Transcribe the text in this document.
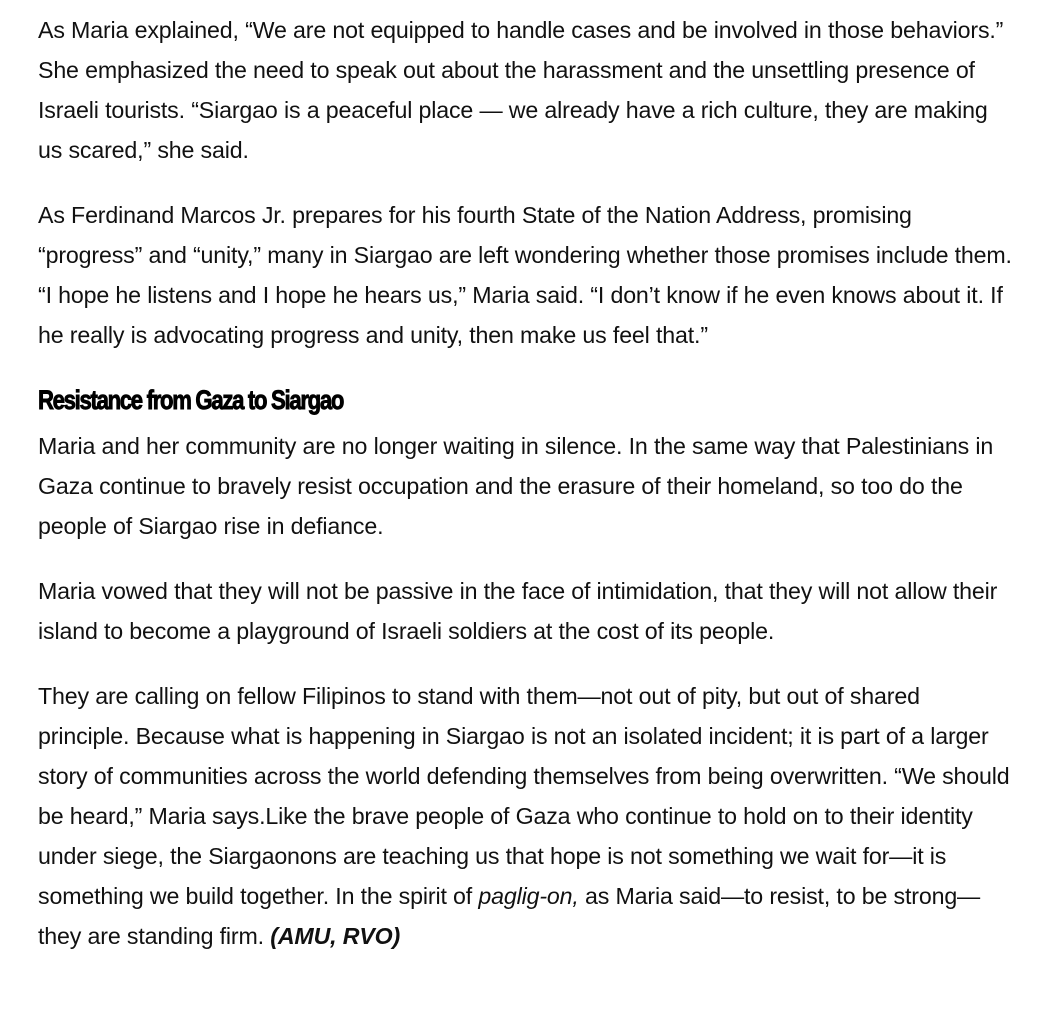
As Maria explained, “We are not equipped to handle cases and be involved in those behaviors.” She emphasized the need to speak out about the harassment and the unsettling presence of Israeli tourists. “Siargao is a peaceful place — we already have a rich culture, they are making us scared,” she said.

As Ferdinand Marcos Jr. prepares for his fourth State of the Nation Address, promising “progress” and “unity,” many in Siargao are left wondering whether those promises include them. “I hope he listens and I hope he hears us,” Maria said. “I don’t know if he even knows about it. If he really is advocating progress and unity, then make us feel that.”

Resistance from Gaza to Siargao

Maria and her community are no longer waiting in silence. In the same way that Palestinians in Gaza continue to bravely resist occupation and the erasure of their homeland, so too do the people of Siargao rise in defiance.

Maria vowed that they will not be passive in the face of intimidation, that they will not allow their island to become a playground of Israeli soldiers at the cost of its people.

They are calling on fellow Filipinos to stand with them—not out of pity, but out of shared principle. Because what is happening in Siargao is not an isolated incident; it is part of a larger story of communities across the world defending themselves from being overwritten. “We should be heard,” Maria says.Like the brave people of Gaza who continue to hold on to their identity under siege, the Siargaonons are teaching us that hope is not something we wait for—it is something we build together. In the spirit of paglig-on, as Maria said—to resist, to be strong—they are standing firm. (AMU, RVO)
